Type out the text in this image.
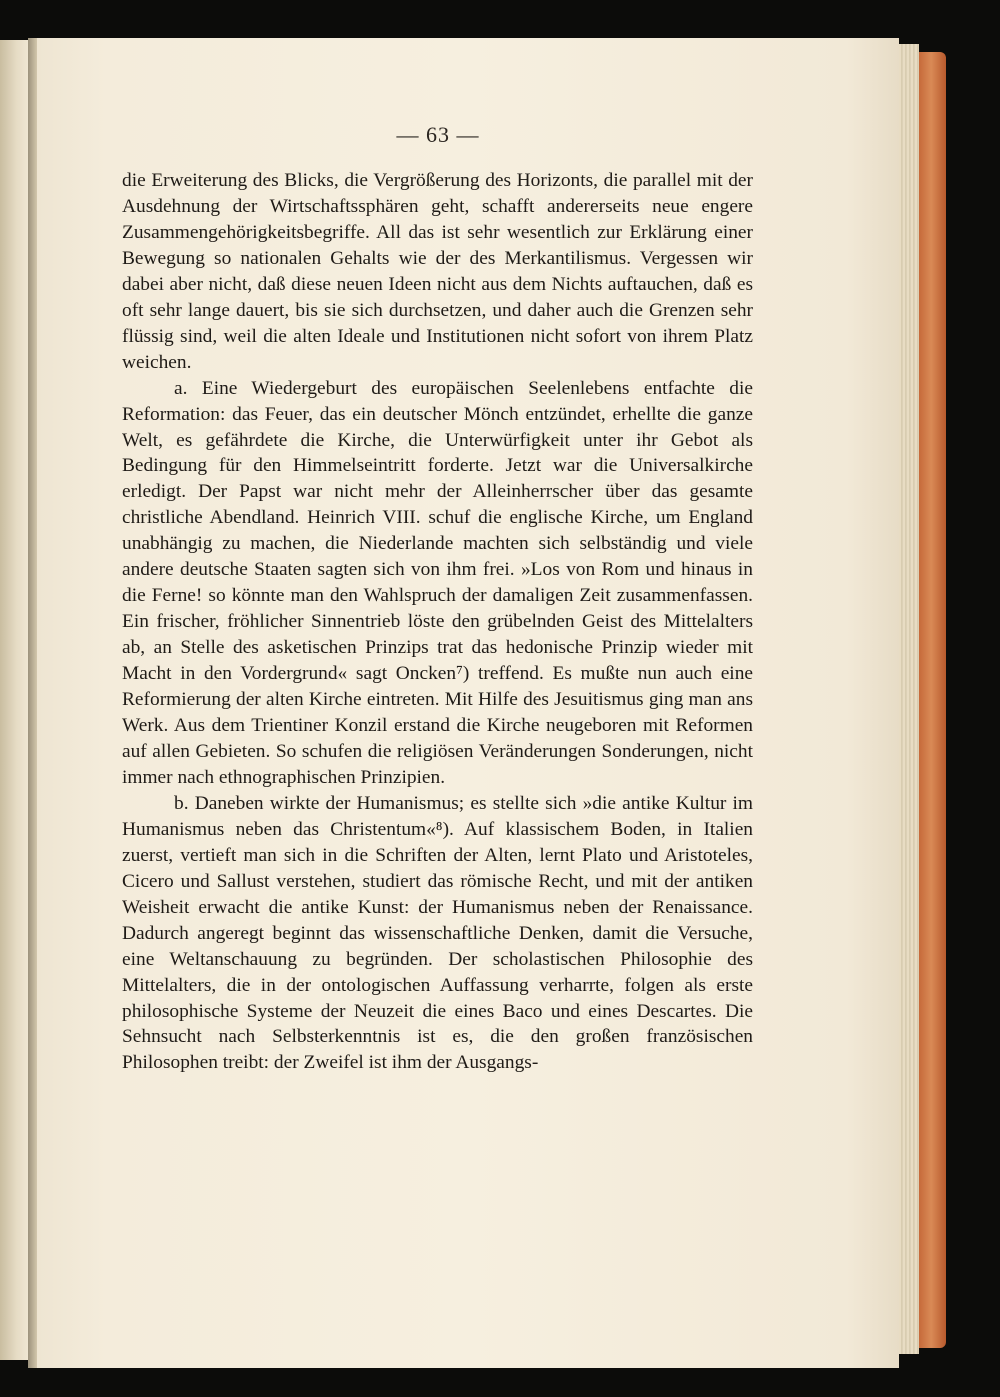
— 63 —

die Erweiterung des Blicks, die Vergrößerung des Horizonts, die parallel mit der Ausdehnung der Wirtschaftssphären geht, schafft andererseits neue engere Zusammengehörigkeitsbegriffe. All das ist sehr wesentlich zur Erklärung einer Bewegung so nationalen Gehalts wie der des Merkantilismus. Vergessen wir dabei aber nicht, daß diese neuen Ideen nicht aus dem Nichts auftauchen, daß es oft sehr lange dauert, bis sie sich durchsetzen, und daher auch die Grenzen sehr flüssig sind, weil die alten Ideale und Institutionen nicht sofort von ihrem Platz weichen.

a. Eine Wiedergeburt des europäischen Seelenlebens entfachte die Reformation: das Feuer, das ein deutscher Mönch entzündet, erhellte die ganze Welt, es gefährdete die Kirche, die Unterwürfigkeit unter ihr Gebot als Bedingung für den Himmelseintritt forderte. Jetzt war die Universalkirche erledigt. Der Papst war nicht mehr der Alleinherrscher über das gesamte christliche Abendland. Heinrich VIII. schuf die englische Kirche, um England unabhängig zu machen, die Niederlande machten sich selbständig und viele andere deutsche Staaten sagten sich von ihm frei. »Los von Rom und hinaus in die Ferne! so könnte man den Wahlspruch der damaligen Zeit zusammenfassen. Ein frischer, fröhlicher Sinnentrieb löste den grübelnden Geist des Mittelalters ab, an Stelle des asketischen Prinzips trat das hedonische Prinzip wieder mit Macht in den Vordergrund« sagt Oncken⁷) treffend. Es mußte nun auch eine Reformierung der alten Kirche eintreten. Mit Hilfe des Jesuitismus ging man ans Werk. Aus dem Trientiner Konzil erstand die Kirche neugeboren mit Reformen auf allen Gebieten. So schufen die religiösen Veränderungen Sonderungen, nicht immer nach ethnographischen Prinzipien.

b. Daneben wirkte der Humanismus; es stellte sich »die antike Kultur im Humanismus neben das Christentum«⁸). Auf klassischem Boden, in Italien zuerst, vertieft man sich in die Schriften der Alten, lernt Plato und Aristoteles, Cicero und Sallust verstehen, studiert das römische Recht, und mit der antiken Weisheit erwacht die antike Kunst: der Humanismus neben der Renaissance. Dadurch angeregt beginnt das wissenschaftliche Denken, damit die Versuche, eine Weltanschauung zu begründen. Der scholastischen Philosophie des Mittelalters, die in der ontologischen Auffassung verharrte, folgen als erste philosophische Systeme der Neuzeit die eines Baco und eines Descartes. Die Sehnsucht nach Selbsterkenntnis ist es, die den großen französischen Philosophen treibt: der Zweifel ist ihm der Ausgangs-
